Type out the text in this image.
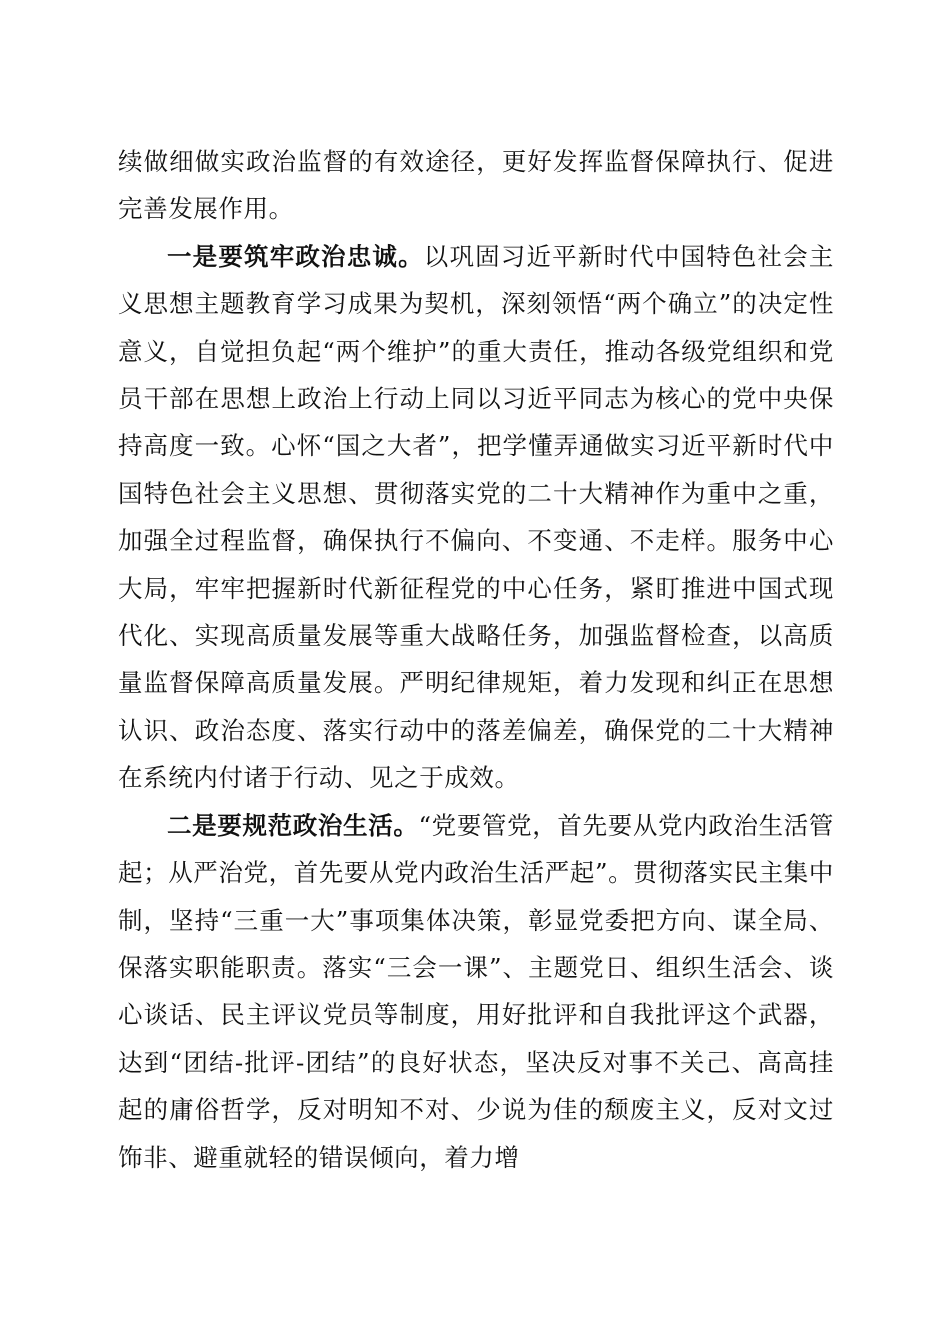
续做细做实政治监督的有效途径，更好发挥监督保障执行、促进完善发展作用。

一是要筑牢政治忠诚。以巩固习近平新时代中国特色社会主义思想主题教育学习成果为契机，深刻领悟“两个确立”的决定性意义，自觉担负起“两个维护”的重大责任，推动各级党组织和党员干部在思想上政治上行动上同以习近平同志为核心的党中央保持高度一致。心怀“国之大者”，把学懂弄通做实习近平新时代中国特色社会主义思想、贯彻落实党的二十大精神作为重中之重，加强全过程监督，确保执行不偏向、不变通、不走样。服务中心大局，牢牢把握新时代新征程党的中心任务，紧盯推进中国式现代化、实现高质量发展等重大战略任务，加强监督检查，以高质量监督保障高质量发展。严明纪律规矩，着力发现和纠正在思想认识、政治态度、落实行动中的落差偏差，确保党的二十大精神在系统内付诸于行动、见之于成效。

二是要规范政治生活。“党要管党，首先要从党内政治生活管起；从严治党，首先要从党内政治生活严起”。贯彻落实民主集中制，坚持“三重一大”事项集体决策，彰显党委把方向、谋全局、保落实职能职责。落实“三会一课”、主题党日、组织生活会、谈心谈话、民主评议党员等制度，用好批评和自我批评这个武器，达到“团结-批评-团结”的良好状态，坚决反对事不关己、高高挂起的庸俗哲学，反对明知不对、少说为佳的颓废主义，反对文过饰非、避重就轻的错误倾向，着力增
